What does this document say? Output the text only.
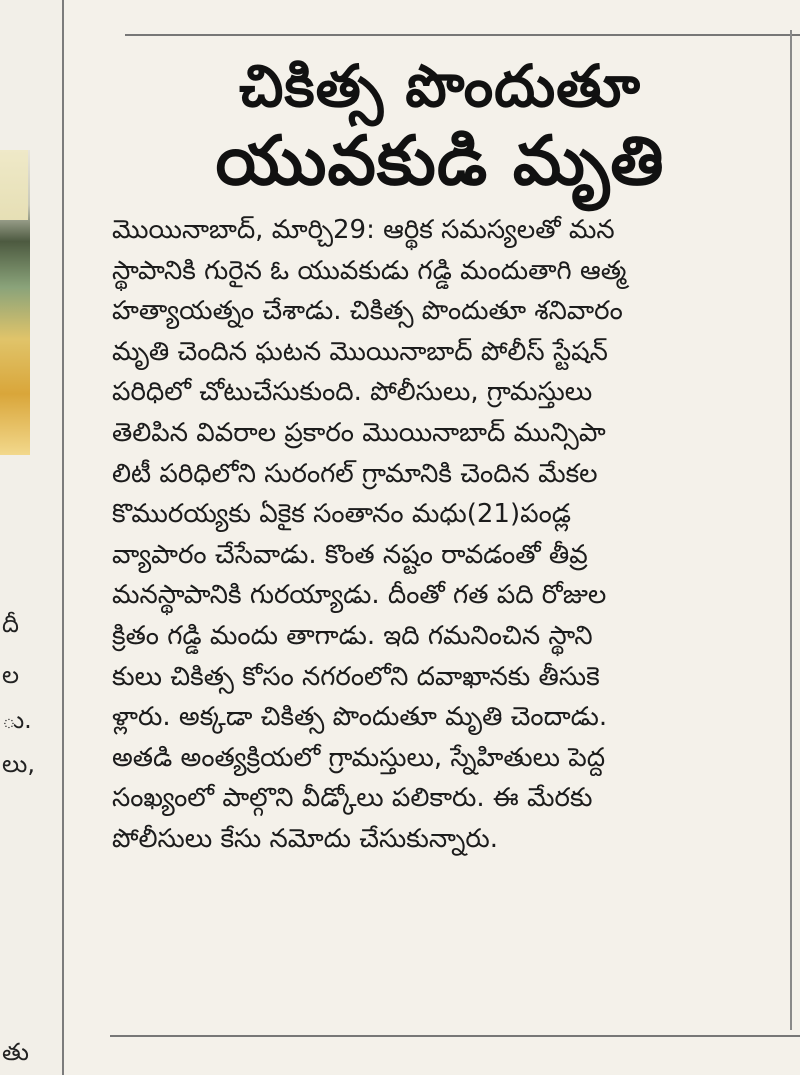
దీ
ల
ు.
లు,
తు
చికిత్స పొందుతూ
యువకుడి మృతి
మొయినాబాద్, మార్చి29: ఆర్థిక సమస్యలతో మన
స్థాపానికి గురైన ఓ యువకుడు గడ్డి మందుతాగి ఆత్మ
హత్యాయత్నం చేశాడు. చికిత్స పొందుతూ శనివారం
మృతి చెందిన ఘటన మొయినాబాద్ పోలీస్ స్టేషన్
పరిధిలో చోటుచేసుకుంది. పోలీసులు, గ్రామస్తులు
తెలిపిన వివరాల ప్రకారం మొయినాబాద్ మున్సిపా
లిటీ పరిధిలోని సురంగల్ గ్రామానికి చెందిన మేకల
కొమురయ్యకు ఏకైక సంతానం మధు(21)పండ్ల
వ్యాపారం చేసేవాడు. కొంత నష్టం రావడంతో తీవ్ర
మనస్థాపానికి గురయ్యాడు. దీంతో గత పది రోజుల
క్రితం గడ్డి మందు తాగాడు. ఇది గమనించిన స్థాని
కులు చికిత్స కోసం నగరంలోని దవాఖానకు తీసుకె
ళ్లారు. అక్కడా చికిత్స పొందుతూ మృతి చెందాడు.
అతడి అంత్యక్రియలో గ్రామస్తులు, స్నేహితులు పెద్ద
సంఖ్యంలో పాల్గొని వీడ్కోలు పలికారు. ఈ మేరకు
పోలీసులు కేసు నమోదు చేసుకున్నారు.
